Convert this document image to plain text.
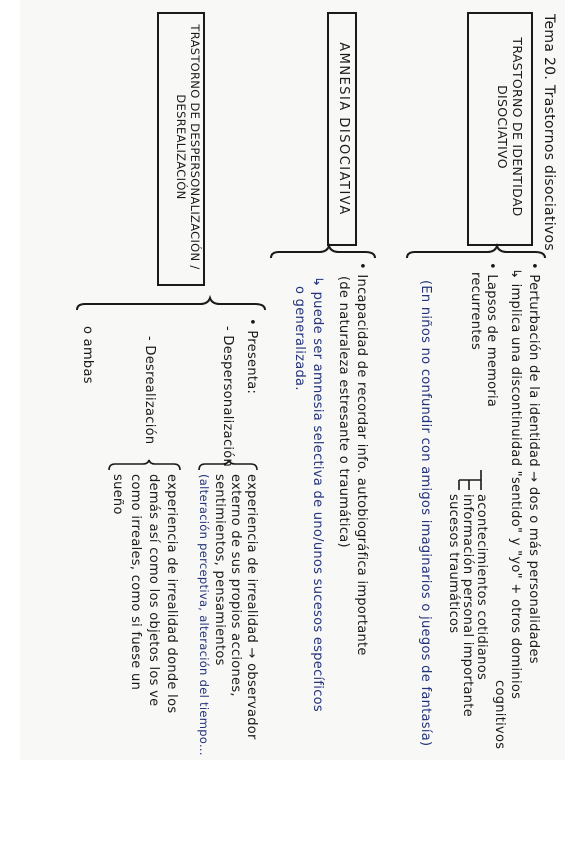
Tema 20. Trastornos disociativos
TRASTORNO DE IDENTIDAD DISOCIATIVO
• Perturbación de la identidad → dos o más personalidades
↳ implica una discontinuidad "sentido" y "yo" + otros dominios
cognitivos
• Lapsos de memoria
recurrentes
acontecimientos cotidianos
información personal importante
sucesos traumáticos
(En niños no confundir con amigos imaginarios o juegos de fantasía)
AMNESIA DISOCIATIVA
• Incapacidad de recordar info. autobiográfica importante
(de naturaleza estresante o traumática)
↳ puede ser amnesia selectiva de uno/unos sucesos específicos
o generalizada.
TRASTORNO DE DESPERSONALIZACIÓN / DESREALIZACIÓN
• Presenta:
- Despersonalización
experiencia de irrealidad → observador
externo de sus propios acciones,
sentimientos, pensamientos
(alteración perceptiva, alteración del tiempo...
- Desrealización
experiencia de irrealidad donde los
demás así como los objetos los ve
como irreales, como si fuese un
sueño
o ambas
